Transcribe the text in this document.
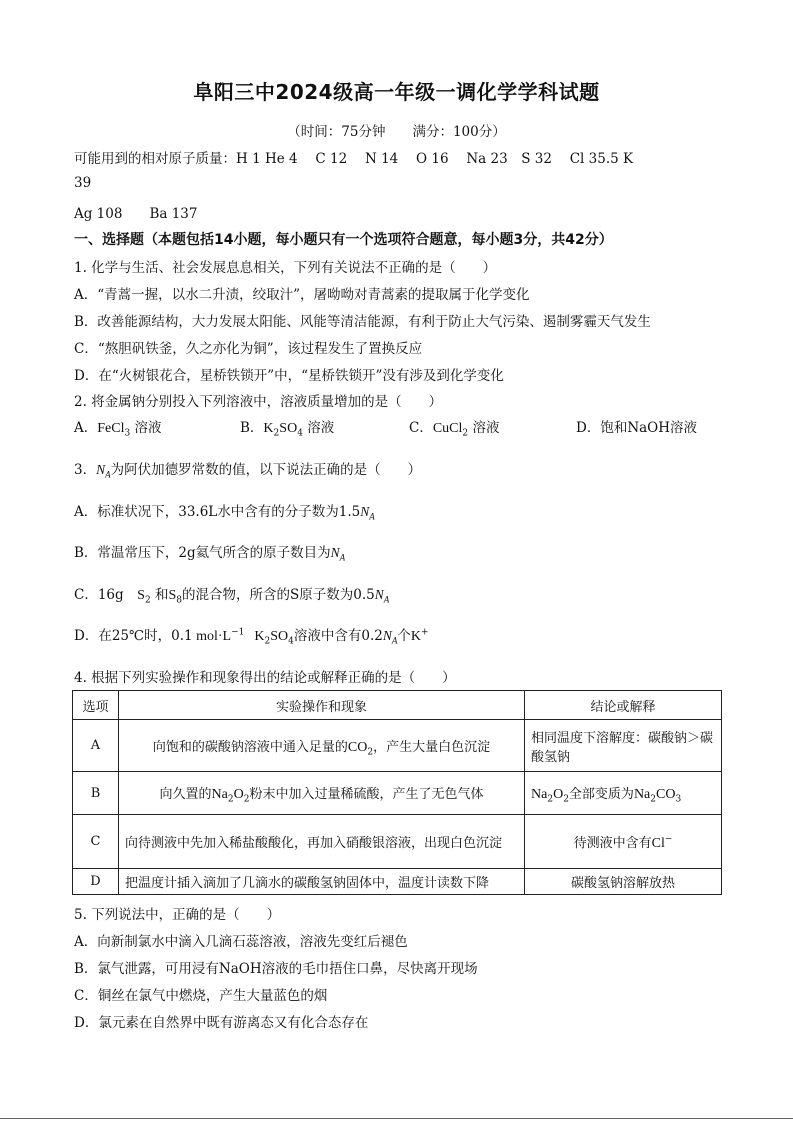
阜阳三中2024级高一年级一调化学学科试题
（时间：75分钟　　满分：100分）
可能用到的相对原子质量：H 1 He 4　 C 12　 N 14　 O 16　 Na 23　S 32　 Cl 35.5 K
39
Ag 108　　Ba 137
一、选择题（本题包括14小题，每小题只有一个选项符合题意，每小题3分，共42分）
1. 化学与生活、社会发展息息相关，下列有关说法不正确的是（　　）
A．“青蒿一握，以水二升渍，绞取汁”，屠呦呦对青蒿素的提取属于化学变化
B．改善能源结构，大力发展太阳能、风能等清洁能源，有利于防止大气污染、遏制雾霾天气发生
C．“熬胆矾铁釜，久之亦化为铜”，该过程发生了置换反应
D．在“火树银花合，星桥铁锁开”中，“星桥铁锁开”没有涉及到化学变化
2. 将金属钠分别投入下列溶液中，溶液质量增加的是（　　）
A．FeCl$_3$ 溶液	B．$K_2SO_4$ 溶液	C．CuCl$_2$ 溶液	D．饱和NaOH溶液
3．$N_A$为阿伏加德罗常数的值，以下说法正确的是（　　）
A．标准状况下，33.6L水中含有的分子数为$1.5N_A$
B．常温常压下，2g氦气所含的原子数目为$N_A$
C．16g　$S_2$ 和$S_8$的混合物，所含的S原子数为$0.5N_A$
D．在25℃时，0.1 $mol\cdot L^{-1}$ $K_2SO_4$溶液中含有$0.2N_A$个K+
4. 根据下列实验操作和现象得出的结论或解释正确的是（　　）
选项	实验操作和现象	结论或解释
A	向饱和的碳酸钠溶液中通入足量的$CO_2$，产生大量白色沉淀	相同温度下溶解度：碳酸钠＞碳酸氢钠
B	向久置的$Na_2O_2$粉末中加入过量稀硫酸，产生了无色气体	$Na_2O_2$全部变质为$Na_2CO_3$
C	向待测液中先加入稀盐酸酸化，再加入硝酸银溶液，出现白色沉淀	待测液中含有Cl−
D	把温度计插入滴加了几滴水的碳酸氢钠固体中，温度计读数下降	碳酸氢钠溶解放热
5. 下列说法中，正确的是（　　）
A．向新制氯水中滴入几滴石蕊溶液，溶液先变红后褪色
B．氯气泄露，可用浸有NaOH溶液的毛巾捂住口鼻，尽快离开现场
C．铜丝在氯气中燃烧，产生大量蓝色的烟
D．氯元素在自然界中既有游离态又有化合态存在
